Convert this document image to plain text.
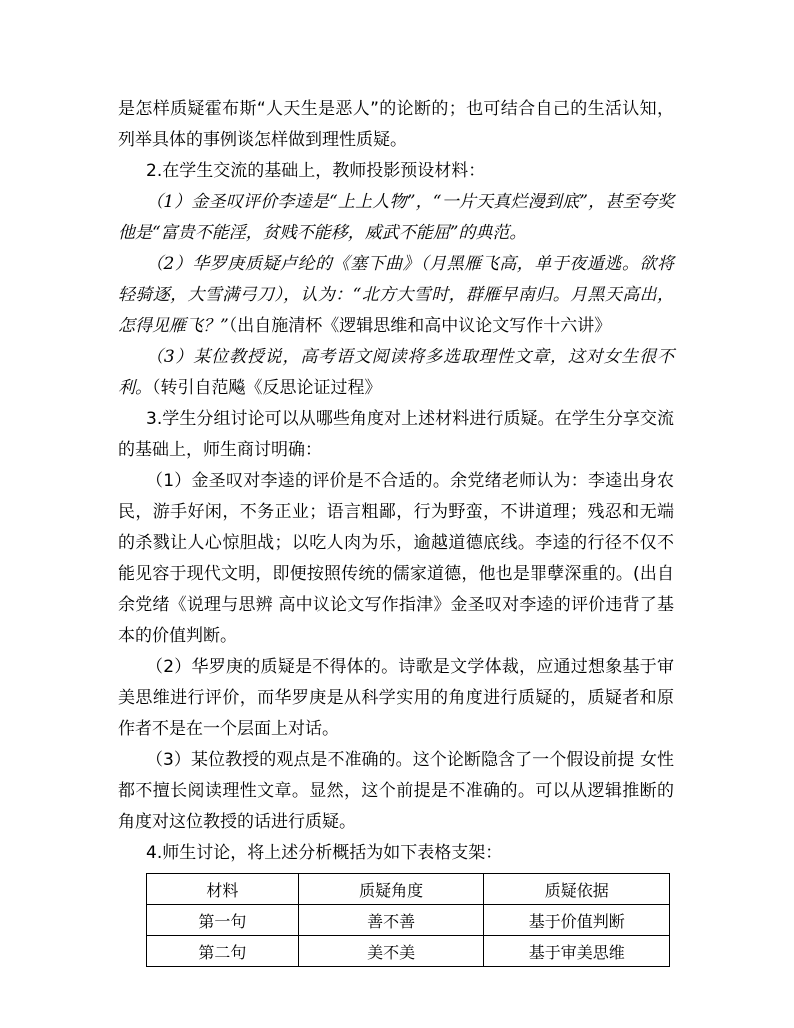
是怎样质疑霍布斯“人天生是恶人”的论断的；也可结合自己的生活认知，列举具体的事例谈怎样做到理性质疑。

2.在学生交流的基础上，教师投影预设材料：

（1）金圣叹评价李逵是“上上人物”，“一片天真烂漫到底”，甚至夸奖他是“富贵不能淫，贫贱不能移，威武不能屈”的典范。

（2）华罗庚质疑卢纶的《塞下曲》（月黑雁飞高，单于夜遁逃。欲将轻骑逐，大雪满弓刀），认为：“北方大雪时，群雁早南归。月黑天高出，怎得见雁飞？”（出自施清杯《逻辑思维和高中议论文写作十六讲》

（3）某位教授说，高考语文阅读将多选取理性文章，这对女生很不利。（转引自范飚《反思论证过程》

3.学生分组讨论可以从哪些角度对上述材料进行质疑。在学生分享交流的基础上，师生商讨明确：

（1）金圣叹对李逵的评价是不合适的。余党绪老师认为：李逵出身农民，游手好闲，不务正业；语言粗鄙，行为野蛮，不讲道理；残忍和无端的杀戮让人心惊胆战；以吃人肉为乐，逾越道德底线。李逵的行径不仅不能见容于现代文明，即便按照传统的儒家道德，他也是罪孽深重的。(出自余党绪《说理与思辨 高中议论文写作指津》金圣叹对李逵的评价违背了基本的价值判断。

（2）华罗庚的质疑是不得体的。诗歌是文学体裁，应通过想象基于审美思维进行评价，而华罗庚是从科学实用的角度进行质疑的，质疑者和原作者不是在一个层面上对话。

（3）某位教授的观点是不准确的。这个论断隐含了一个假设前提 女性都不擅长阅读理性文章。显然，这个前提是不准确的。可以从逻辑推断的角度对这位教授的话进行质疑。

4.师生讨论，将上述分析概括为如下表格支架：

材料	质疑角度	质疑依据
第一句	善不善	基于价值判断
第二句	美不美	基于审美思维
